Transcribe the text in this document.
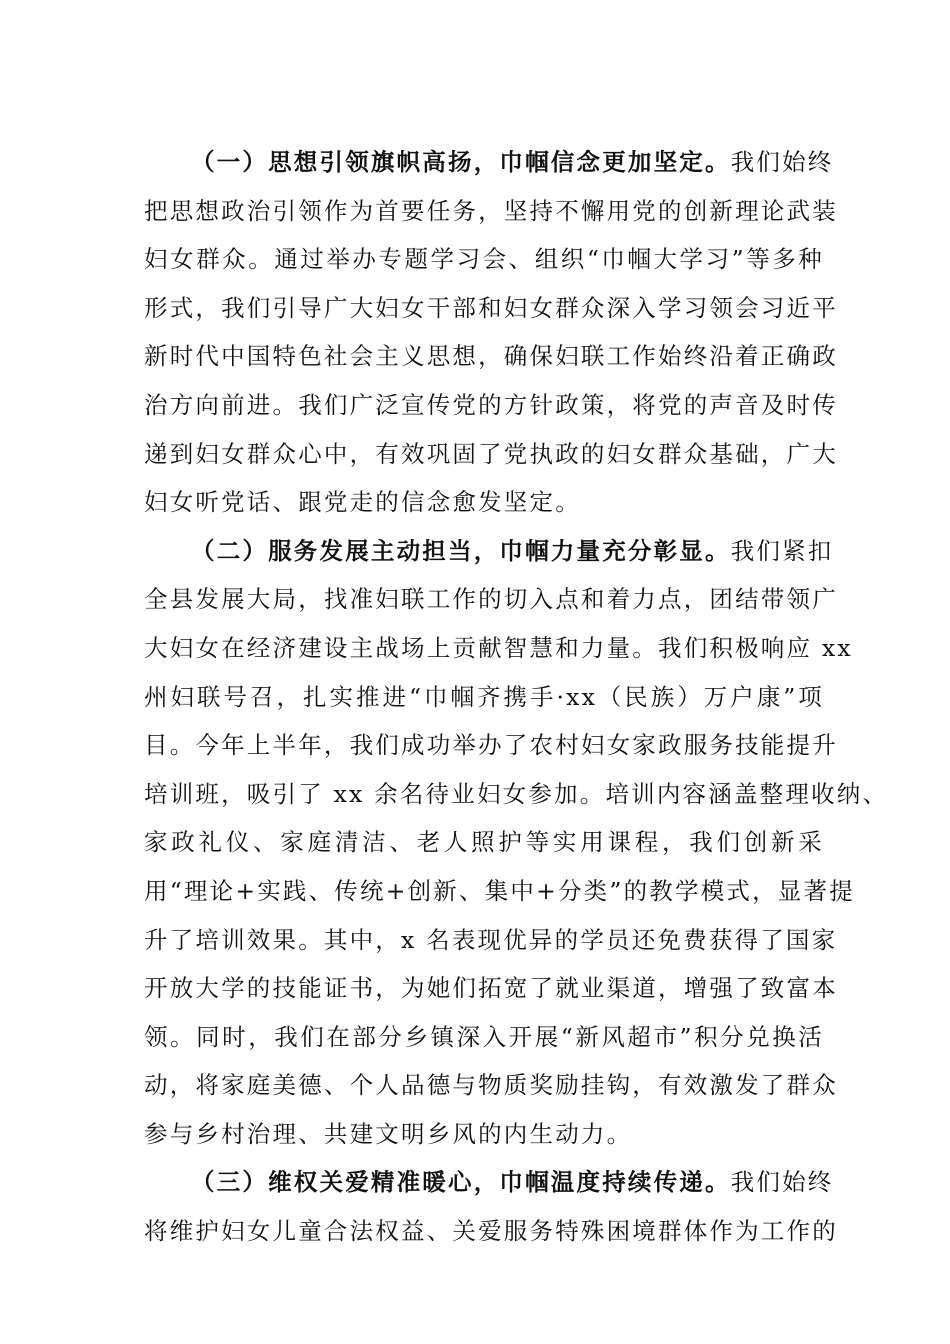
（一）思想引领旗帜高扬，巾帼信念更加坚定。我们始终
把思想政治引领作为首要任务，坚持不懈用党的创新理论武装
妇女群众。通过举办专题学习会、组织“巾帼大学习”等多种
形式，我们引导广大妇女干部和妇女群众深入学习领会习近平
新时代中国特色社会主义思想，确保妇联工作始终沿着正确政
治方向前进。我们广泛宣传党的方针政策，将党的声音及时传
递到妇女群众心中，有效巩固了党执政的妇女群众基础，广大
妇女听党话、跟党走的信念愈发坚定。
（二）服务发展主动担当，巾帼力量充分彰显。我们紧扣
全县发展大局，找准妇联工作的切入点和着力点，团结带领广
大妇女在经济建设主战场上贡献智慧和力量。我们积极响应 xx
州妇联号召，扎实推进“巾帼齐携手·xx（民族）万户康”项
目。今年上半年，我们成功举办了农村妇女家政服务技能提升
培训班，吸引了 xx 余名待业妇女参加。培训内容涵盖整理收纳、
家政礼仪、家庭清洁、老人照护等实用课程，我们创新采
用“理论+实践、传统+创新、集中+分类”的教学模式，显著提
升了培训效果。其中，x 名表现优异的学员还免费获得了国家
开放大学的技能证书，为她们拓宽了就业渠道，增强了致富本
领。同时，我们在部分乡镇深入开展“新风超市”积分兑换活
动，将家庭美德、个人品德与物质奖励挂钩，有效激发了群众
参与乡村治理、共建文明乡风的内生动力。
（三）维权关爱精准暖心，巾帼温度持续传递。我们始终
将维护妇女儿童合法权益、关爱服务特殊困境群体作为工作的
